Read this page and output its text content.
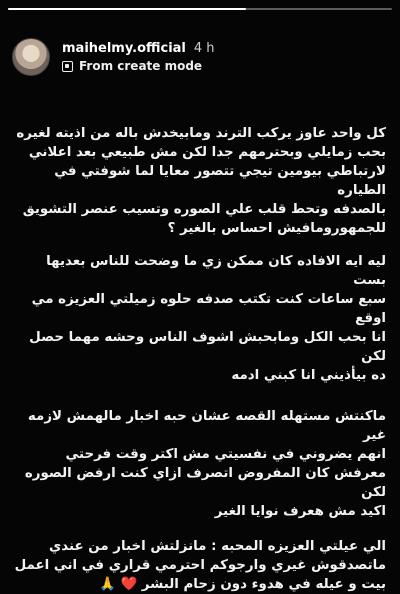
maihelmy.official 4 h
From create mode

كل واحد عاوز يركب الترند ومابيخدش باله من اذيته لغيره
بحب زمايلي وبحترمهم جدا لكن مش طبيعي بعد اعلاني
لارتباطي بيومين تيجي تتصور معايا لما شوفتي في الطياره
بالصدفه وتحط قلب علي الصوره وتسيب عنصر التشويق
للجمهورومافيش احساس بالغير ؟

ليه ايه الافاده كان ممكن زي ما وضحت للناس بعديها بست
سبع ساعات كنت تكتب صدفه حلوه زميلتي العزيزه مي
اوقع
انا بحب الكل ومابحبش اشوف الناس وحشه مهما حصل لكن
ده بيأذيني انا كبني ادمه

ماكنتش مستهله القصه عشان حبه اخبار مالهمش لازمه غير
انهم يضروني في نفسيتي مش اكتر وقت فرحتي
معرفش كان المفروض اتصرف ازاي كنت ارفض الصوره لكن
اكيد مش هعرف نوايا الغير

الي عيلتي العزيزه المحبه : مانزلتش اخبار من عندي
ماتصدقوش غيري وارجوكم احترمي قراري في اني اعمل
بيت و عيله في هدوء دون زحام البشر ❤️ 🙏
